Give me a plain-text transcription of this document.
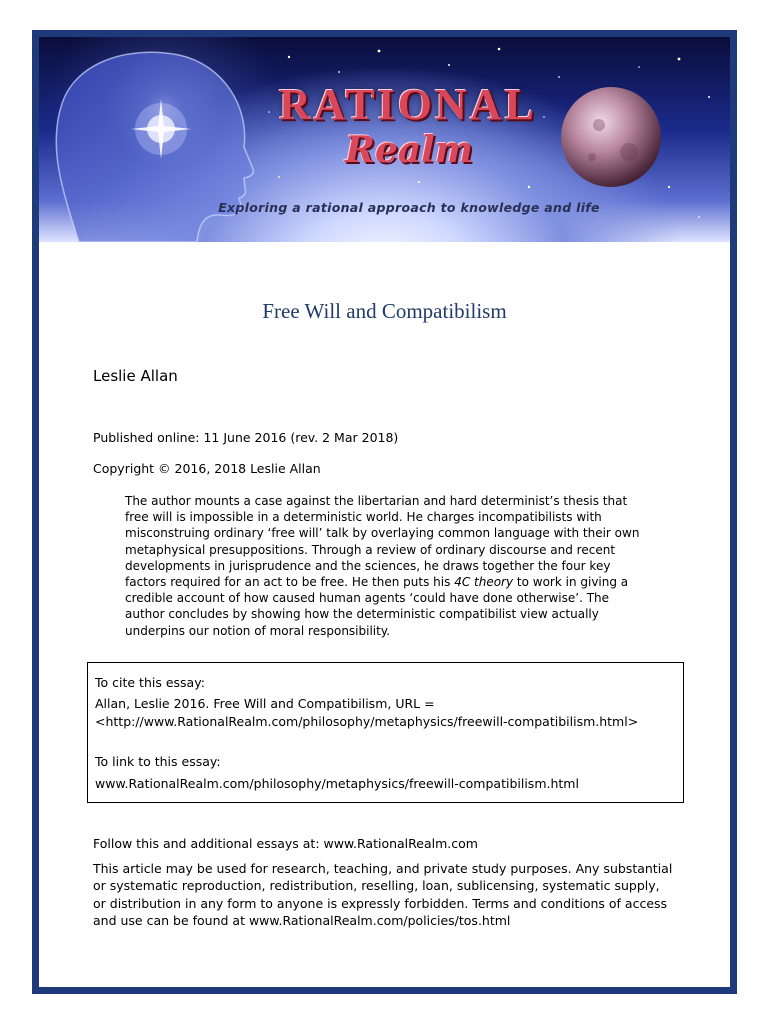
RATIONAL
Realm
Exploring a rational approach to knowledge and life
Free Will and Compatibilism
Leslie Allan
Published online: 11 June 2016 (rev. 2 Mar 2018)
Copyright © 2016, 2018 Leslie Allan

The author mounts a case against the libertarian and hard determinist’s thesis that free will is impossible in a deterministic world. He charges incompatibilists with misconstruing ordinary ‘free will’ talk by overlaying common language with their own metaphysical presuppositions. Through a review of ordinary discourse and recent developments in jurisprudence and the sciences, he draws together the four key factors required for an act to be free. He then puts his 4C theory to work in giving a credible account of how caused human agents ‘could have done otherwise’. The author concludes by showing how the deterministic compatibilist view actually underpins our notion of moral responsibility.

To cite this essay:
Allan, Leslie 2016. Free Will and Compatibilism, URL =
<http://www.RationalRealm.com/philosophy/metaphysics/freewill-compatibilism.html>
To link to this essay:
www.RationalRealm.com/philosophy/metaphysics/freewill-compatibilism.html
Follow this and additional essays at: www.RationalRealm.com

This article may be used for research, teaching, and private study purposes. Any substantial or systematic reproduction, redistribution, reselling, loan, sublicensing, systematic supply, or distribution in any form to anyone is expressly forbidden. Terms and conditions of access and use can be found at www.RationalRealm.com/policies/tos.html
